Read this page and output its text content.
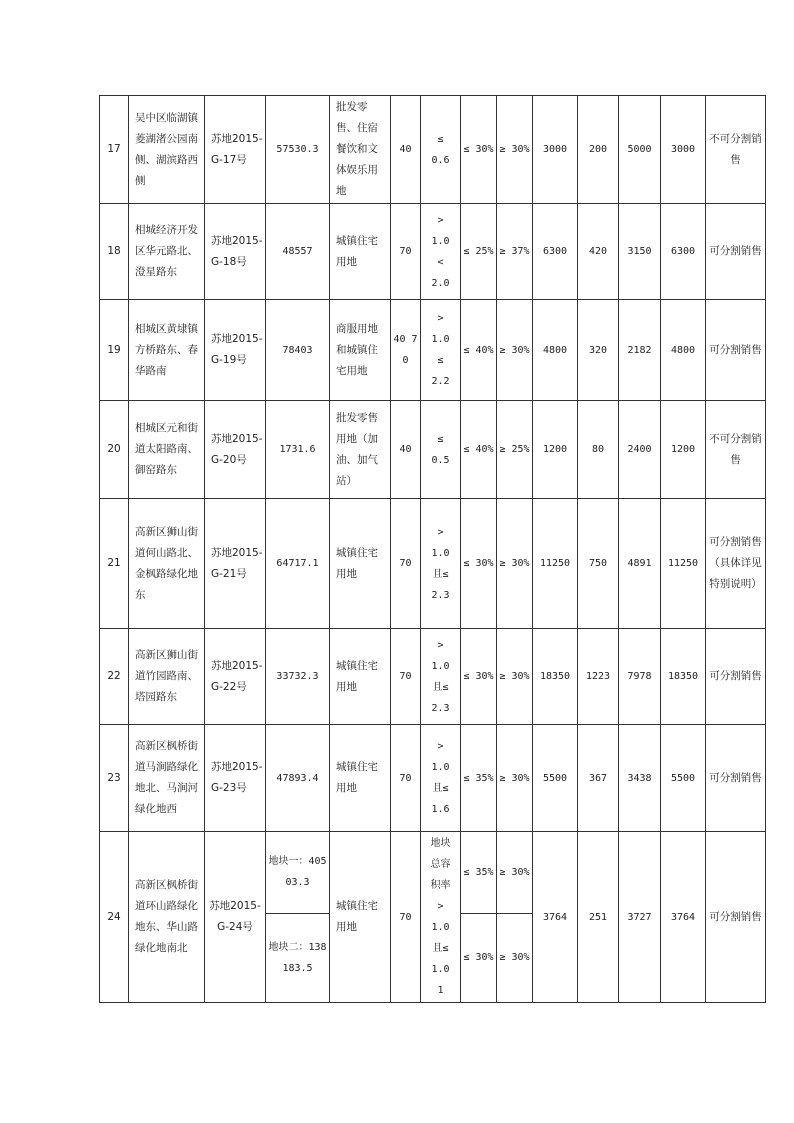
17	吴中区临湖镇菱湖渚公园南侧、湖滨路西侧	苏地2015-G-17号	57530.3	批发零售、住宿餐饮和文体娱乐用地	40	≤ 0.6	≤ 30%	≥ 30%	3000	200	5000	3000	不可分割销售
18	相城经济开发区华元路北、澄星路东	苏地2015-G-18号	48557	城镇住宅用地	70	> 1.0 < 2.0	≤ 25%	≥ 37%	6300	420	3150	6300	可分割销售
19	相城区黄埭镇方桥路东、春华路南	苏地2015-G-19号	78403	商服用地和城镇住宅用地	40 70	> 1.0 ≤ 2.2	≤ 40%	≥ 30%	4800	320	2182	4800	可分割销售
20	相城区元和街道太阳路南、御窑路东	苏地2015-G-20号	1731.6	批发零售用地（加油、加气站）	40	≤ 0.5	≤ 40%	≥ 25%	1200	80	2400	1200	不可分割销售
21	高新区狮山街道何山路北、金枫路绿化地东	苏地2015-G-21号	64717.1	城镇住宅用地	70	> 1.0 且≤ 2.3	≤ 30%	≥ 30%	11250	750	4891	11250	可分割销售（具体详见特别说明）
22	高新区狮山街道竹园路南、塔园路东	苏地2015-G-22号	33732.3	城镇住宅用地	70	> 1.0 且≤ 2.3	≤ 30%	≥ 30%	18350	1223	7978	18350	可分割销售
23	高新区枫桥街道马涧路绿化地北、马涧河绿化地西	苏地2015-G-23号	47893.4	城镇住宅用地	70	> 1.0 且≤ 1.6	≤ 35%	≥ 30%	5500	367	3438	5500	可分割销售
24	高新区枫桥街道环山路绿化地东、华山路绿化地南北	苏地2015-G-24号	地块一：40503.3	城镇住宅用地	70	地块总容积率> 1.0 且≤ 1.01	≤ 35%	≥ 30%	3764	251	3727	3764	可分割销售
			地块二：138183.5				≤ 30%	≥ 30%					
